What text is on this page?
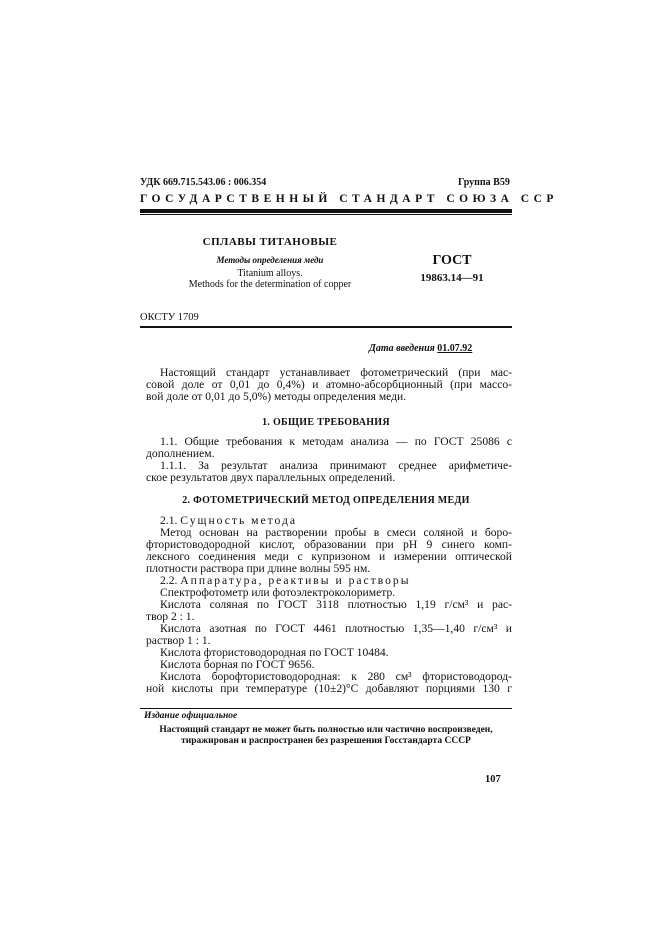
УДК 669.715.543.06 : 006.354	Группа В59
ГОСУДАРСТВЕННЫЙ СТАНДАРТ СОЮЗА ССР
СПЛАВЫ ТИТАНОВЫЕ
Методы определения меди
Titanium alloys.
Methods for the determination of copper
ГОСТ
19863.14—91
ОКСТУ 1709
Дата введения 01.07.92

Настоящий стандарт устанавливает фотометрический (при мас-

совой доле от 0,01 до 0,4%) и атомно-абсорбционный (при массо-

вой доле от 0,01 до 5,0%) методы определения меди.

1. ОБЩИЕ ТРЕБОВАНИЯ

1.1. Общие требования к методам анализа — по ГОСТ 25086 с

дополнением.

1.1.1. За результат анализа принимают среднее арифметиче-

ское результатов двух параллельных определений.

2. ФОТОМЕТРИЧЕСКИЙ МЕТОД ОПРЕДЕЛЕНИЯ МЕДИ

2.1. Сущность метода

Метод основан на растворении пробы в смеси соляной и боро-

фтористоводородной кислот, образовании при pH 9 синего комп-

лексного соединения меди с купризоном и измерении оптической

плотности раствора при длине волны 595 нм.

2.2. Аппаратура, реактивы и растворы

Спектрофотометр или фотоэлектроколориметр.

Кислота соляная по ГОСТ 3118 плотностью 1,19 г/см³ и рас-

твор 2 : 1.

Кислота азотная по ГОСТ 4461 плотностью 1,35—1,40 г/см³ и

раствор 1 : 1.

Кислота фтористоводородная по ГОСТ 10484.

Кислота борная по ГОСТ 9656.

Кислота борофтористоводородная: к 280 см³ фтористоводород-

ной кислоты при температуре (10±2)°С добавляют порциями 130 г

Издание официальное
Настоящий стандарт не может быть полностью или частично воспроизведен,
тиражирован и распространен без разрешения Госстандарта СССР
107
